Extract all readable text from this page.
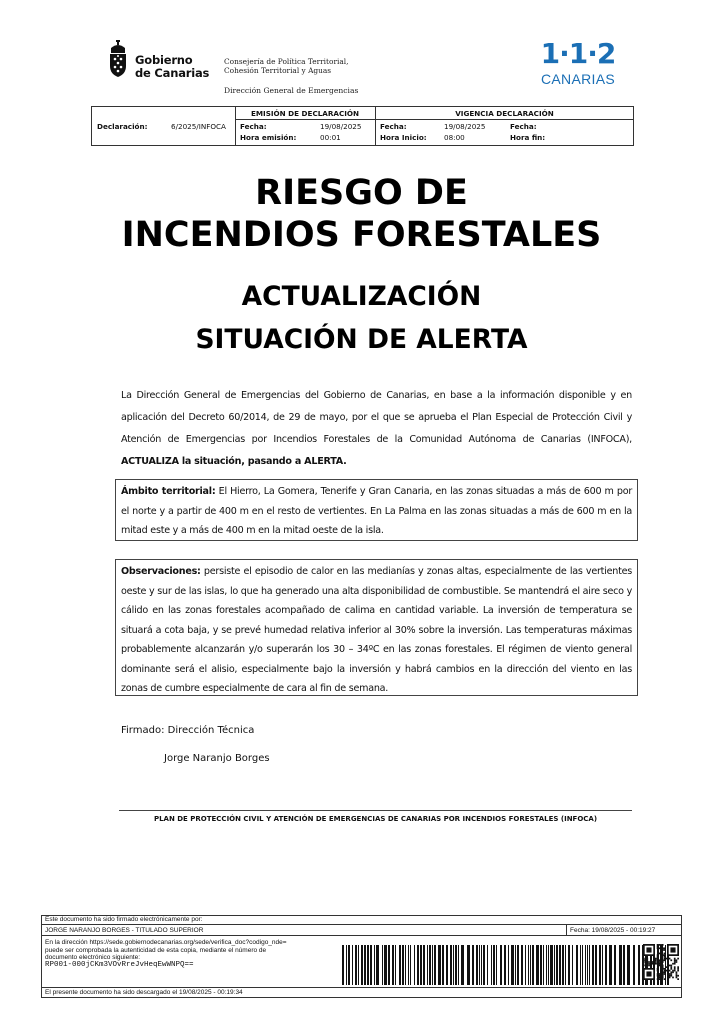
Gobierno
de Canarias
Consejería de Política Territorial,
Cohesión Territorial y Aguas
Dirección General de Emergencias
1·1·2
CANARIAS
Declaración:	6/2025/INFOCA
EMISIÓN DE DECLARACIÓN	VIGENCIA DECLARACIÓN
Fecha:	19/08/2025
Hora emisión:	00:01
Fecha:	19/08/2025
Hora Inicio: 08:00
Fecha:
Hora fin:
RIESGO DE
INCENDIOS FORESTALES
ACTUALIZACIÓN
SITUACIÓN DE ALERTA
La Dirección General de Emergencias del Gobierno de Canarias, en base a la información disponible y en aplicación del Decreto 60/2014, de 29 de mayo, por el que se aprueba el Plan Especial de Protección Civil y Atención de Emergencias por Incendios Forestales de la Comunidad Autónoma de Canarias (INFOCA), ACTUALIZA la situación, pasando a ALERTA.
Ámbito territorial: El Hierro, La Gomera, Tenerife y Gran Canaria, en las zonas situadas a más de 600 m por el norte y a partir de 400 m en el resto de vertientes. En La Palma en las zonas situadas a más de 600 m en la mitad este y a más de 400 m en la mitad oeste de la isla.
Observaciones: persiste el episodio de calor en las medianías y zonas altas, especialmente de las vertientes oeste y sur de las islas, lo que ha generado una alta disponibilidad de combustible. Se mantendrá el aire seco y cálido en las zonas forestales acompañado de calima en cantidad variable. La inversión de temperatura se situará a cota baja, y se prevé humedad relativa inferior al 30% sobre la inversión. Las temperaturas máximas probablemente alcanzarán y/o superarán los 30 – 34ºC en las zonas forestales. El régimen de viento general dominante será el alisio, especialmente bajo la inversión y habrá cambios en la dirección del viento en las zonas de cumbre especialmente de cara al fin de semana.
Firmado: Dirección Técnica
Jorge Naranjo Borges
PLAN DE PROTECCIÓN CIVIL Y ATENCIÓN DE EMERGENCIAS DE CANARIAS POR INCENDIOS FORESTALES (INFOCA)
Este documento ha sido firmado electrónicamente por:
JORGE NARANJO BORGES - TITULADO SUPERIOR	Fecha: 19/08/2025 - 00:19:27
En la dirección https://sede.gobiernodecanarias.org/sede/verifica_doc?codigo_nde=
puede ser comprobada la autenticidad de esta copia, mediante el número de
documento electrónico siguiente:
RP001-000jCKm3VOvRreJvHeqEwWNPQ==
El presente documento ha sido descargado el 19/08/2025 - 00:19:34
